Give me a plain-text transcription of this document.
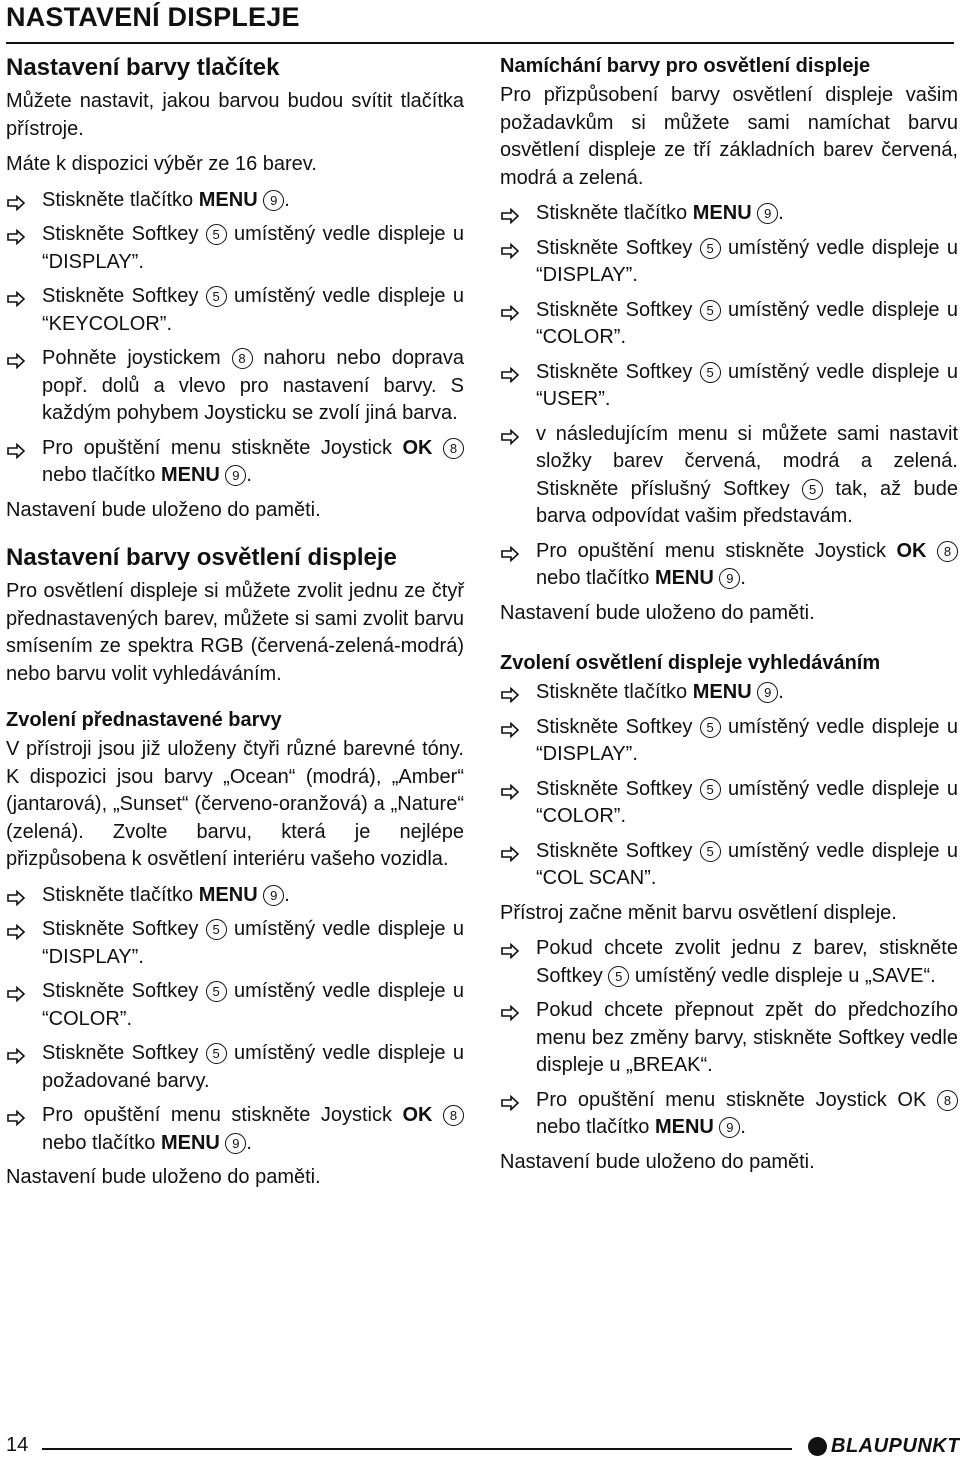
NASTAVENÍ DISPLEJE
Nastavení barvy tlačítek

Můžete nastavit, jakou barvou budou svítit tlačítka přístroje.

Máte k dispozici výběr ze 16 barev.

Stiskněte tlačítko MENU 9 .
Stiskněte Softkey 5 umístěný vedle displeje u “DISPLAY”.
Stiskněte Softkey 5 umístěný vedle displeje u “KEYCOLOR”.
Pohněte joystickem 8 nahoru nebo doprava popř. dolů a vlevo pro nastavení barvy. S každým pohybem Joysticku se zvolí jiná barva.
Pro opuštění menu stiskněte Joystick OK 8 nebo tlačítko MENU 9 .

Nastavení bude uloženo do paměti.

Nastavení barvy osvětlení displeje

Pro osvětlení displeje si můžete zvolit jednu ze čtyř přednastavených barev, můžete si sami zvolit barvu smísením ze spektra RGB (červená-zelená-modrá) nebo barvu volit vyhledáváním.

Zvolení přednastavené barvy

V přístroji jsou již uloženy čtyři různé barevné tóny. K dispozici jsou barvy „Ocean“ (modrá), „Amber“ (jantarová), „Sunset“ (červeno-oranžová) a „Nature“ (zelená). Zvolte barvu, která je nejlépe přizpůsobena k osvětlení interiéru vašeho vozidla.

Stiskněte tlačítko MENU 9 .
Stiskněte Softkey 5 umístěný vedle displeje u “DISPLAY”.
Stiskněte Softkey 5 umístěný vedle displeje u “COLOR”.
Stiskněte Softkey 5 umístěný vedle displeje u požadované barvy.
Pro opuštění menu stiskněte Joystick OK 8 nebo tlačítko MENU 9 .

Nastavení bude uloženo do paměti.

Namíchání barvy pro osvětlení displeje

Pro přizpůsobení barvy osvětlení displeje vašim požadavkům si můžete sami namíchat barvu osvětlení displeje ze tří základních barev červená, modrá a zelená.

Stiskněte tlačítko MENU 9 .
Stiskněte Softkey 5 umístěný vedle displeje u “DISPLAY”.
Stiskněte Softkey 5 umístěný vedle displeje u “COLOR”.
Stiskněte Softkey 5 umístěný vedle displeje u “USER”.
v následujícím menu si můžete sami nastavit složky barev červená, modrá a zelená. Stiskněte příslušný Softkey 5 tak, až bude barva odpovídat vašim představám.
Pro opuštění menu stiskněte Joystick OK 8 nebo tlačítko MENU 9 .

Nastavení bude uloženo do paměti.

Zvolení osvětlení displeje vyhledáváním
Stiskněte tlačítko MENU 9 .
Stiskněte Softkey 5 umístěný vedle displeje u “DISPLAY”.
Stiskněte Softkey 5 umístěný vedle displeje u “COLOR”.
Stiskněte Softkey 5 umístěný vedle displeje u “COL SCAN”.

Přístroj začne měnit barvu osvětlení displeje.

Pokud chcete zvolit jednu z barev, stiskněte Softkey 5 umístěný vedle displeje u „SAVE“.
Pokud chcete přepnout zpět do předchozího menu bez změny barvy, stiskněte Softkey vedle displeje u „BREAK“.
Pro opuštění menu stiskněte Joystick OK 8 nebo tlačítko MENU 9 .

Nastavení bude uloženo do paměti.

14	BLAUPUNKT
